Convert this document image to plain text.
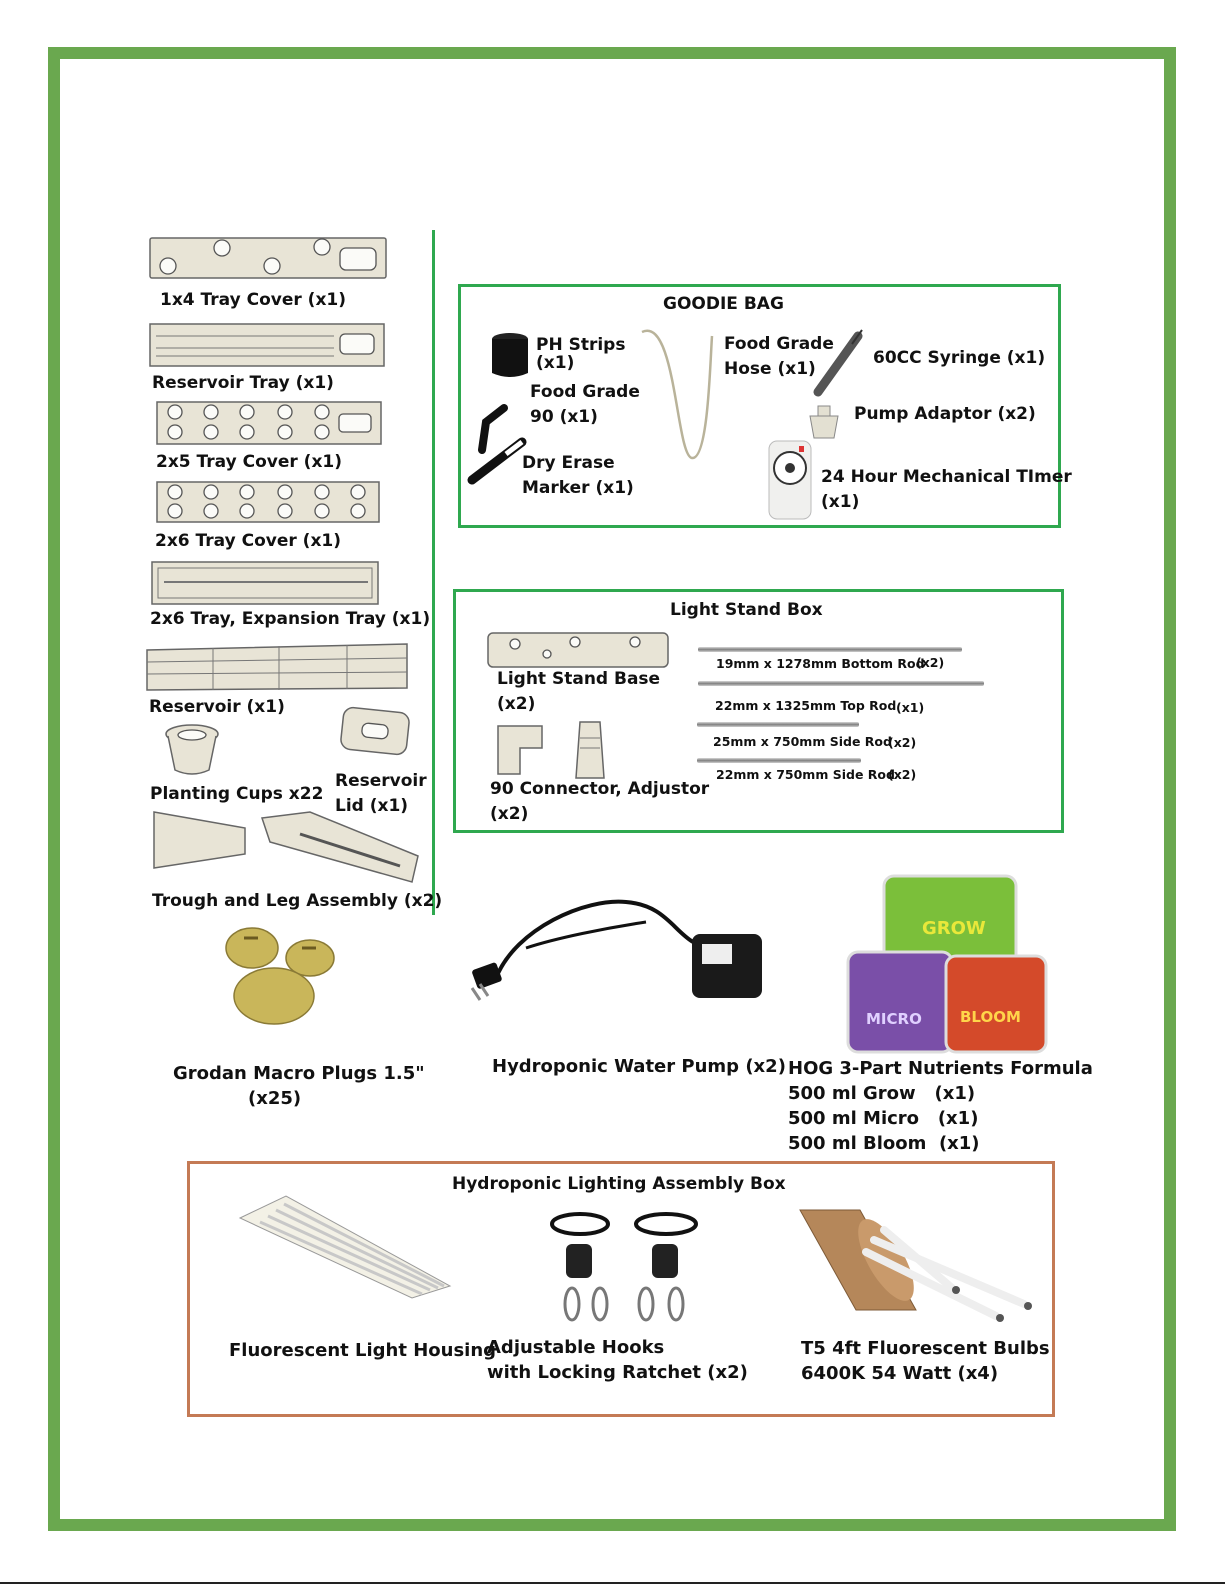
1x4 Tray Cover (x1)
Reservoir Tray (x1)
2x5 Tray Cover (x1)
2x6 Tray Cover (x1)
2x6 Tray, Expansion Tray (x1)
Reservoir (x1)
Planting Cups x22
Reservoir
Lid (x1)
Trough and Leg Assembly (x2)
GOODIE BAG
PH Strips
(x1)
Food Grade
90 (x1)
Dry Erase
Marker (x1)
Food Grade
Hose (x1)
60CC Syringe (x1)
Pump Adaptor (x2)
24 Hour Mechanical TImer
(x1)
Light Stand Box
Light Stand Base
(x2)
90 Connector, Adjustor
(x2)
19mm x 1278mm Bottom Rod
(x2)
22mm x 1325mm Top Rod (x1)
25mm x 750mm Side Rod
(x2)
22mm x 750mm Side Rod
(x2)
Grodan Macro Plugs 1.5"
(x25)
Hydroponic Water Pump (x2)
GROW
MICRO	BLOOM
HOG 3-Part Nutrients Formula
500 ml Grow   (x1)
500 ml Micro   (x1)
500 ml Bloom  (x1)
Hydroponic Lighting Assembly Box
Fluorescent Light Housing
Adjustable Hooks
with Locking Ratchet (x2)
T5 4ft Fluorescent Bulbs
6400K 54 Watt (x4)
